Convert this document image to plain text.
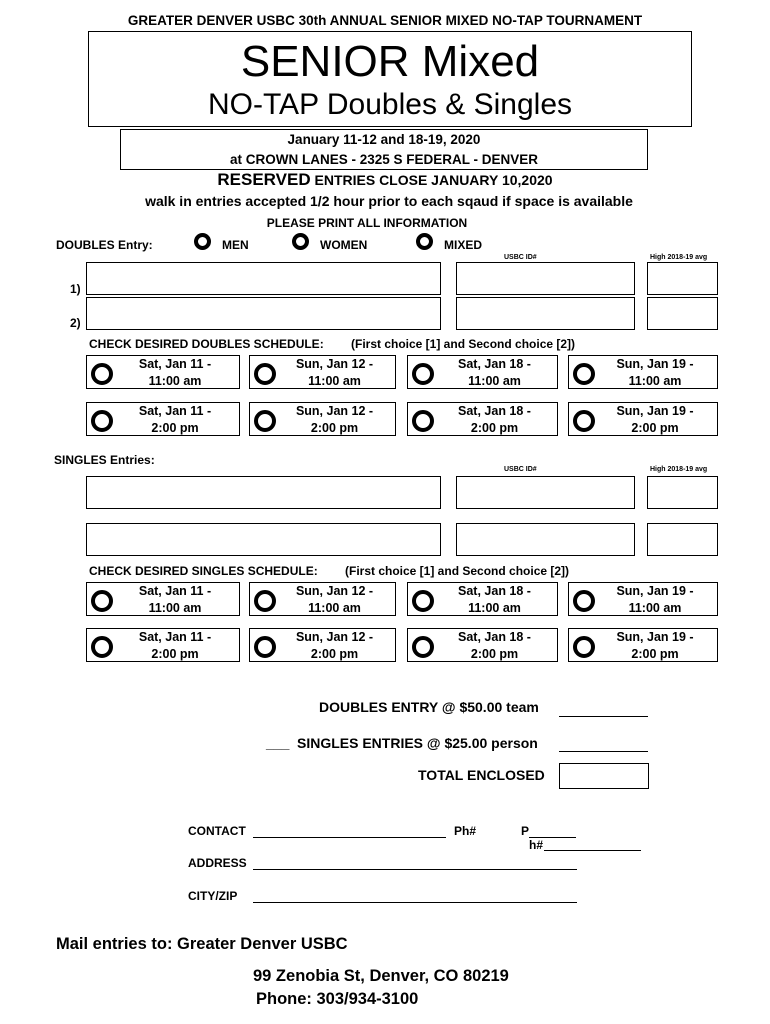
GREATER DENVER USBC 30th ANNUAL SENIOR MIXED NO-TAP TOURNAMENT
SENIOR Mixed
NO-TAP Doubles & Singles
January 11-12 and 18-19, 2020
at CROWN LANES - 2325 S FEDERAL - DENVER
RESERVED ENTRIES CLOSE JANUARY 10,2020
walk in entries accepted 1/2 hour prior to each sqaud if space is available
PLEASE PRINT ALL INFORMATION
DOUBLES Entry:	MEN	WOMEN	MIXED
USBC ID#	High 2018-19 avg
1)
2)
CHECK DESIRED DOUBLES SCHEDULE: (First choice [1] and Second choice [2])
Sat, Jan 11 -
11:00 am
Sun, Jan 12 -
11:00 am
Sat, Jan 18 -
11:00 am
Sun, Jan 19 -
11:00 am
Sat, Jan 11 -
2:00 pm
Sun, Jan 12 -
2:00 pm
Sat, Jan 18 -
2:00 pm
Sun, Jan 19 -
2:00 pm
SINGLES Entries:
USBC ID#	High 2018-19 avg
CHECK DESIRED SINGLES SCHEDULE: (First choice [1] and Second choice [2])
Sat, Jan 11 -
11:00 am
Sun, Jan 12 -
11:00 am
Sat, Jan 18 -
11:00 am
Sun, Jan 19 -
11:00 am
Sat, Jan 11 -
2:00 pm
Sun, Jan 12 -
2:00 pm
Sat, Jan 18 -
2:00 pm
Sun, Jan 19 -
2:00 pm
DOUBLES ENTRY @ $50.00 team
___ SINGLES ENTRIES @ $25.00 person
TOTAL ENCLOSED
CONTACT	Ph#	P
h#
ADDRESS
CITY/ZIP
Mail entries to: Greater Denver USBC
99 Zenobia St, Denver, CO 80219
Phone: 303/934-3100
